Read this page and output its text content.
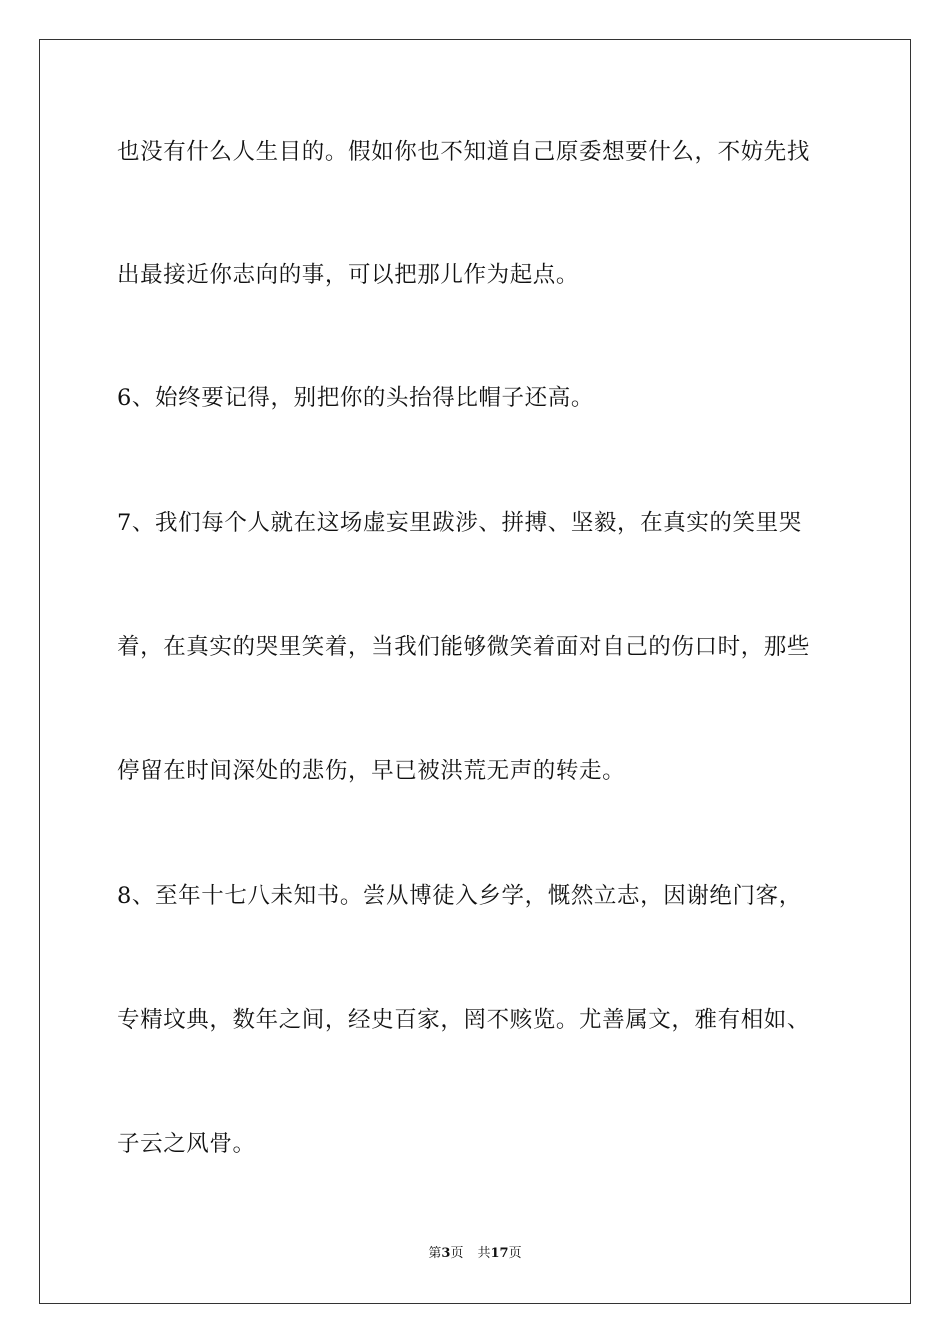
也没有什么人生目的。假如你也不知道自己原委想要什么，不妨先找
出最接近你志向的事，可以把那儿作为起点。
6、始终要记得，别把你的头抬得比帽子还高。
7、我们每个人就在这场虚妄里跋涉、拼搏、坚毅，在真实的笑里哭
着，在真实的哭里笑着，当我们能够微笑着面对自己的伤口时，那些
停留在时间深处的悲伤，早已被洪荒无声的转走。
8、至年十七八未知书。尝从博徒入乡学，慨然立志，因谢绝门客，
专精坟典，数年之间，经史百家，罔不赅览。尤善属文，雅有相如、
子云之风骨。
第3页 共17页
